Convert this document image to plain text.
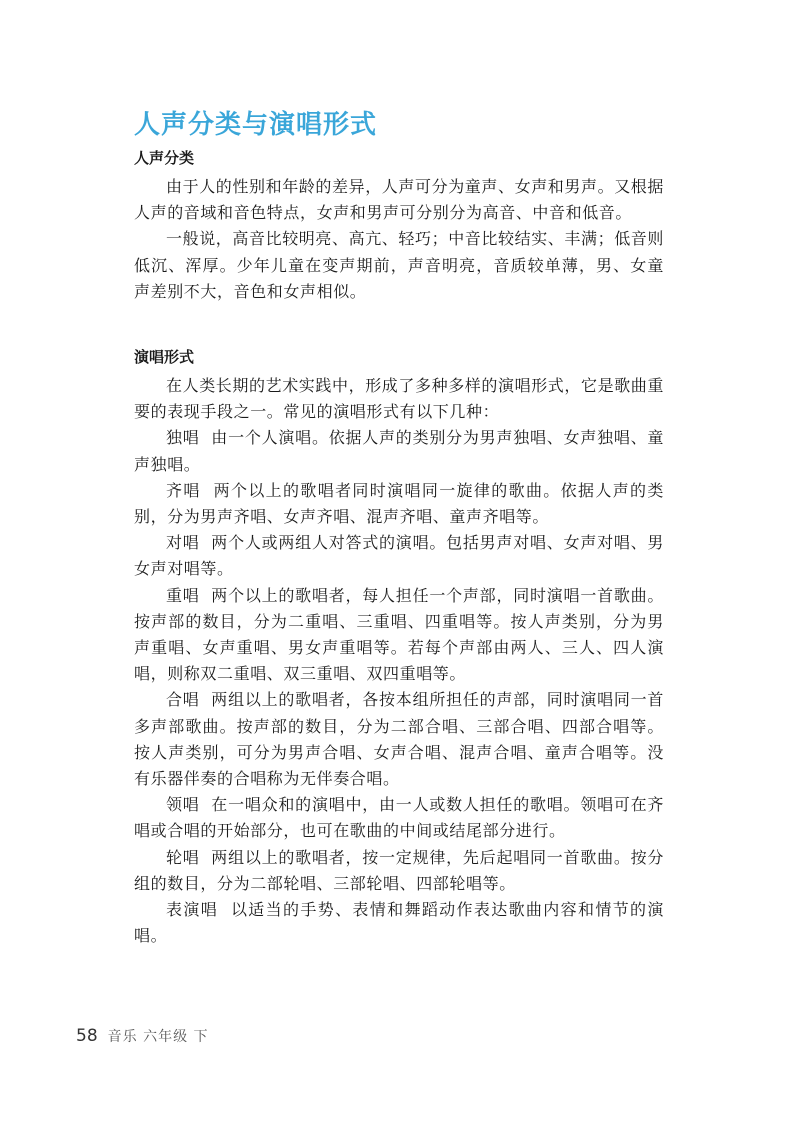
人声分类与演唱形式
人声分类

由于人的性别和年龄的差异，人声可分为童声、女声和男声。又根据人声的音域和音色特点，女声和男声可分别分为高音、中音和低音。

一般说，高音比较明亮、高亢、轻巧；中音比较结实、丰满；低音则低沉、浑厚。少年儿童在变声期前，声音明亮，音质较单薄，男、女童声差别不大，音色和女声相似。

演唱形式

在人类长期的艺术实践中，形成了多种多样的演唱形式，它是歌曲重要的表现手段之一。常见的演唱形式有以下几种：

独唱 由一个人演唱。依据人声的类别分为男声独唱、女声独唱、童声独唱。

齐唱 两个以上的歌唱者同时演唱同一旋律的歌曲。依据人声的类别，分为男声齐唱、女声齐唱、混声齐唱、童声齐唱等。

对唱 两个人或两组人对答式的演唱。包括男声对唱、女声对唱、男女声对唱等。

重唱 两个以上的歌唱者，每人担任一个声部，同时演唱一首歌曲。按声部的数目，分为二重唱、三重唱、四重唱等。按人声类别，分为男声重唱、女声重唱、男女声重唱等。若每个声部由两人、三人、四人演唱，则称双二重唱、双三重唱、双四重唱等。

合唱 两组以上的歌唱者，各按本组所担任的声部，同时演唱同一首多声部歌曲。按声部的数目，分为二部合唱、三部合唱、四部合唱等。按人声类别，可分为男声合唱、女声合唱、混声合唱、童声合唱等。没有乐器伴奏的合唱称为无伴奏合唱。

领唱 在一唱众和的演唱中，由一人或数人担任的歌唱。领唱可在齐唱或合唱的开始部分，也可在歌曲的中间或结尾部分进行。

轮唱 两组以上的歌唱者，按一定规律，先后起唱同一首歌曲。按分组的数目，分为二部轮唱、三部轮唱、四部轮唱等。

表演唱 以适当的手势、表情和舞蹈动作表达歌曲内容和情节的演唱。

58 音乐 六年级 下
